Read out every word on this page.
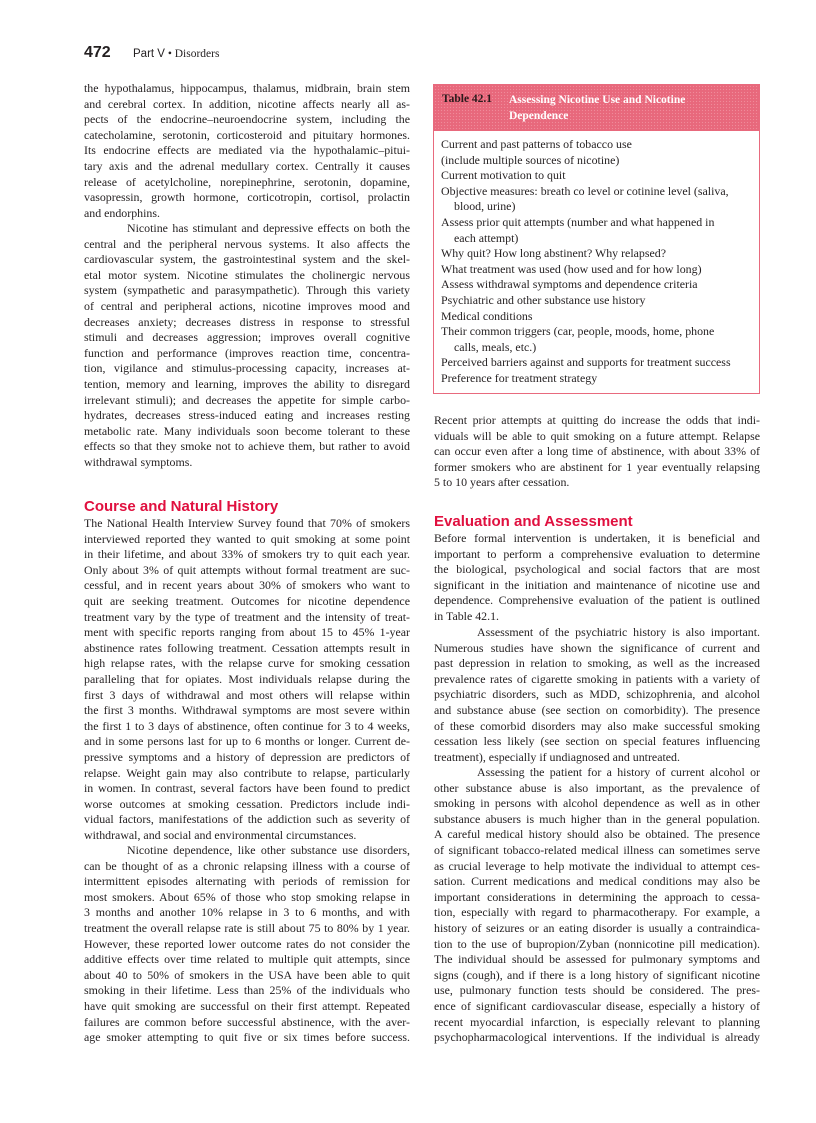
472 Part V • Disorders
the hypothalamus, hippocampus, thalamus, midbrain, brain stem
and cerebral cortex. In addition, nicotine affects nearly all as-
pects of the endocrine–neuroendocrine system, including the
catecholamine, serotonin, corticosteroid and pituitary hormones.
Its endocrine effects are mediated via the hypothalamic–pitui-
tary axis and the adrenal medullary cortex. Centrally it causes
release of acetylcholine, norepinephrine, serotonin, dopamine,
vasopressin, growth hormone, corticotropin, cortisol, prolactin
and endorphins.
Nicotine has stimulant and depressive effects on both the
central and the peripheral nervous systems. It also affects the
cardiovascular system, the gastrointestinal system and the skel-
etal motor system. Nicotine stimulates the cholinergic nervous
system (sympathetic and parasympathetic). Through this variety
of central and peripheral actions, nicotine improves mood and
decreases anxiety; decreases distress in response to stressful
stimuli and decreases aggression; improves overall cognitive
function and performance (improves reaction time, concentra-
tion, vigilance and stimulus-processing capacity, increases at-
tention, memory and learning, improves the ability to disregard
irrelevant stimuli); and decreases the appetite for simple carbo-
hydrates, decreases stress-induced eating and increases resting
metabolic rate. Many individuals soon become tolerant to these
effects so that they smoke not to achieve them, but rather to avoid
withdrawal symptoms.
Course and Natural History
The National Health Interview Survey found that 70% of smokers
interviewed reported they wanted to quit smoking at some point
in their lifetime, and about 33% of smokers try to quit each year.
Only about 3% of quit attempts without formal treatment are suc-
cessful, and in recent years about 30% of smokers who want to
quit are seeking treatment. Outcomes for nicotine dependence
treatment vary by the type of treatment and the intensity of treat-
ment with specific reports ranging from about 15 to 45% 1-year
abstinence rates following treatment. Cessation attempts result in
high relapse rates, with the relapse curve for smoking cessation
paralleling that for opiates. Most individuals relapse during the
first 3 days of withdrawal and most others will relapse within
the first 3 months. Withdrawal symptoms are most severe within
the first 1 to 3 days of abstinence, often continue for 3 to 4 weeks,
and in some persons last for up to 6 months or longer. Current de-
pressive symptoms and a history of depression are predictors of
relapse. Weight gain may also contribute to relapse, particularly
in women. In contrast, several factors have been found to predict
worse outcomes at smoking cessation. Predictors include indi-
vidual factors, manifestations of the addiction such as severity of
withdrawal, and social and environmental circumstances.
Nicotine dependence, like other substance use disorders,
can be thought of as a chronic relapsing illness with a course of
intermittent episodes alternating with periods of remission for
most smokers. About 65% of those who stop smoking relapse in
3 months and another 10% relapse in 3 to 6 months, and with
treatment the overall relapse rate is still about 75 to 80% by 1 year.
However, these reported lower outcome rates do not consider the
additive effects over time related to multiple quit attempts, since
about 40 to 50% of smokers in the USA have been able to quit
smoking in their lifetime. Less than 25% of the individuals who
have quit smoking are successful on their first attempt. Repeated
failures are common before successful abstinence, with the aver-
age smoker attempting to quit five or six times before success.
Table 42.1 Assessing Nicotine Use and Nicotine Dependence
Current and past patterns of tobacco use
(include multiple sources of nicotine)
Current motivation to quit
Objective measures: breath co level or cotinine level (saliva,
blood, urine)
Assess prior quit attempts (number and what happened in
each attempt)
Why quit? How long abstinent? Why relapsed?
What treatment was used (how used and for how long)
Assess withdrawal symptoms and dependence criteria
Psychiatric and other substance use history
Medical conditions
Their common triggers (car, people, moods, home, phone
calls, meals, etc.)
Perceived barriers against and supports for treatment success
Preference for treatment strategy
Recent prior attempts at quitting do increase the odds that indi-
viduals will be able to quit smoking on a future attempt. Relapse
can occur even after a long time of abstinence, with about 33% of
former smokers who are abstinent for 1 year eventually relapsing
5 to 10 years after cessation.
Evaluation and Assessment
Before formal intervention is undertaken, it is beneficial and
important to perform a comprehensive evaluation to determine
the biological, psychological and social factors that are most
significant in the initiation and maintenance of nicotine use and
dependence. Comprehensive evaluation of the patient is outlined
in Table 42.1.
Assessment of the psychiatric history is also important.
Numerous studies have shown the significance of current and
past depression in relation to smoking, as well as the increased
prevalence rates of cigarette smoking in patients with a variety of
psychiatric disorders, such as MDD, schizophrenia, and alcohol
and substance abuse (see section on comorbidity). The presence
of these comorbid disorders may also make successful smoking
cessation less likely (see section on special features influencing
treatment), especially if undiagnosed and untreated.
Assessing the patient for a history of current alcohol or
other substance abuse is also important, as the prevalence of
smoking in persons with alcohol dependence as well as in other
substance abusers is much higher than in the general population.
A careful medical history should also be obtained. The presence
of significant tobacco-related medical illness can sometimes serve
as crucial leverage to help motivate the individual to attempt ces-
sation. Current medications and medical conditions may also be
important considerations in determining the approach to cessa-
tion, especially with regard to pharmacotherapy. For example, a
history of seizures or an eating disorder is usually a contraindica-
tion to the use of bupropion/Zyban (nonnicotine pill medication).
The individual should be assessed for pulmonary symptoms and
signs (cough), and if there is a long history of significant nicotine
use, pulmonary function tests should be considered. The pres-
ence of significant cardiovascular disease, especially a history of
recent myocardial infarction, is especially relevant to planning
psychopharmacological interventions. If the individual is already
